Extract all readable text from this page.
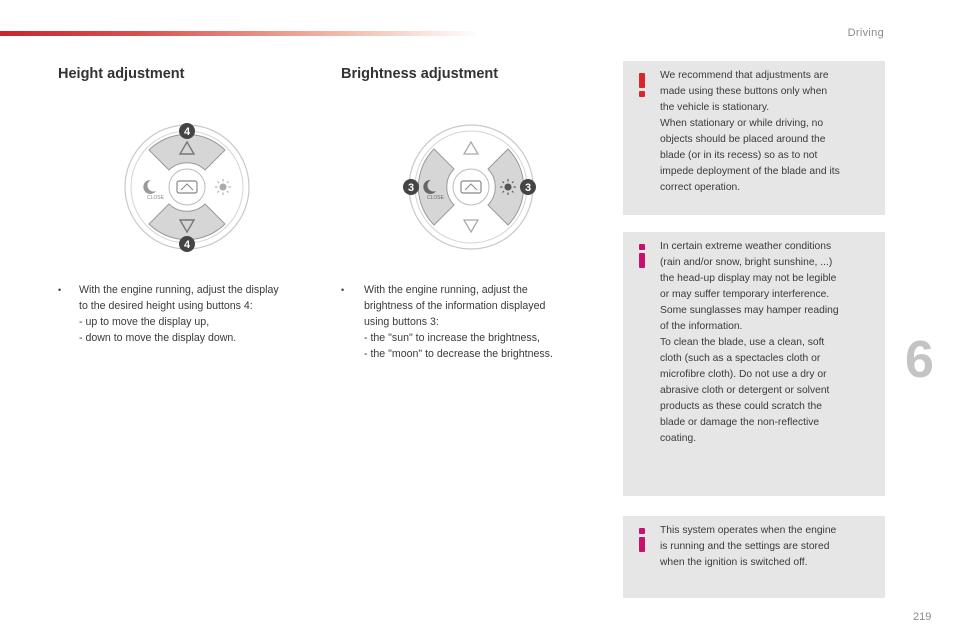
Driving
Height adjustment
CLOSE
4
4
•	With the engine running, adjust the display

to the desired height using buttons 4:

- up to move the display up,

- down to move the display down.

Brightness adjustment
CLOSE
3	3
•	With the engine running, adjust the

brightness of the information displayed

using buttons 3:

- the "sun" to increase the brightness,

- the "moon" to decrease the brightness.

We recommend that adjustments are

made using these buttons only when

the vehicle is stationary.

When stationary or while driving, no

objects should be placed around the

blade (or in its recess) so as to not

impede deployment of the blade and its

correct operation.

In certain extreme weather conditions

(rain and/or snow, bright sunshine, ...)

the head-up display may not be legible

or may suffer temporary interference.

Some sunglasses may hamper reading

of the information.

To clean the blade, use a clean, soft

cloth (such as a spectacles cloth or

microfibre cloth). Do not use a dry or

abrasive cloth or detergent or solvent

products as these could scratch the

blade or damage the non-reflective

coating.

This system operates when the engine

is running and the settings are stored

when the ignition is switched off.

6
219
